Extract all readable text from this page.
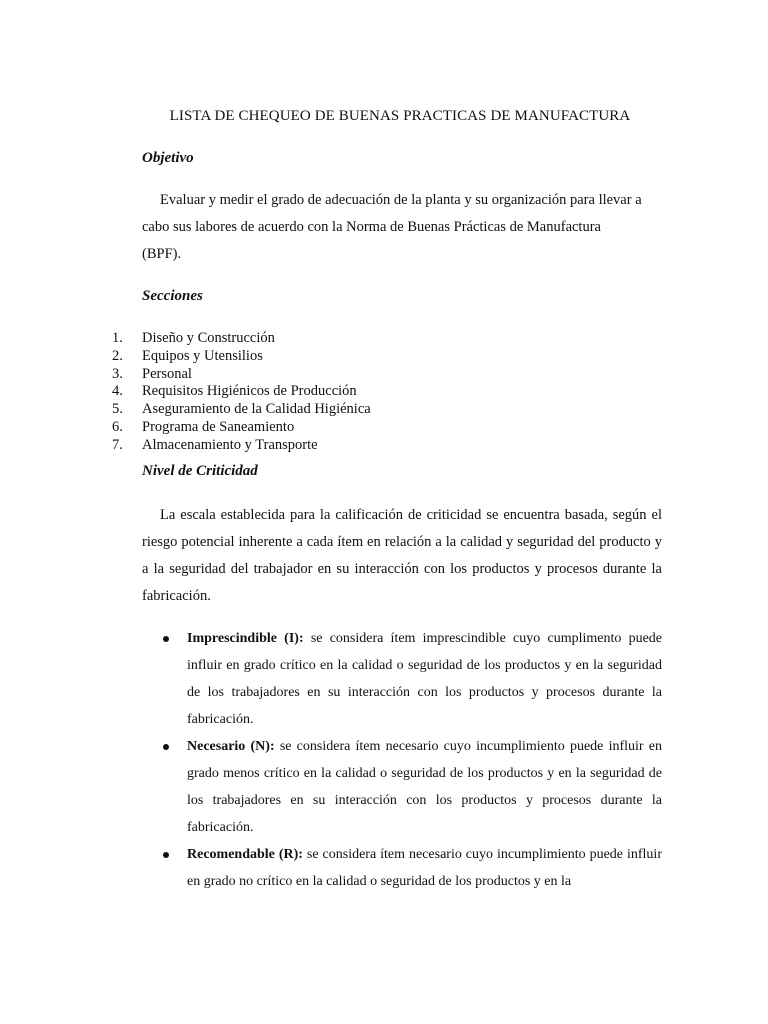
LISTA DE CHEQUEO DE BUENAS PRACTICAS DE MANUFACTURA
Objetivo
Evaluar y medir el grado de adecuación de la planta y su organización para llevar a
cabo sus labores de acuerdo con la Norma de Buenas Prácticas de Manufactura
(BPF).
Secciones
1.	Diseño y Construcción
2.	Equipos y Utensilios
3.	Personal
4.	Requisitos Higiénicos de Producción
5.	Aseguramiento de la Calidad Higiénica
6.	Programa de Saneamiento
7.	Almacenamiento y Transporte
Nivel de Criticidad

La escala establecida para la calificación de criticidad se encuentra basada, según el riesgo potencial inherente a cada ítem en relación a la calidad y seguridad del producto y a la seguridad del trabajador en su interacción con los productos y procesos durante la fabricación.

Imprescindible (I): se considera ítem imprescindible cuyo cumplimento puede influir en grado crítico en la calidad o seguridad de los productos y en la seguridad de los trabajadores en su interacción con los productos y procesos durante la fabricación.
Necesario (N): se considera ítem necesario cuyo incumplimiento puede influir en grado menos crítico en la calidad o seguridad de los productos y en la seguridad de los trabajadores en su interacción con los productos y procesos durante la fabricación.
Recomendable (R): se considera ítem necesario cuyo incumplimiento puede influir en grado no crítico en la calidad o seguridad de los productos y en la
